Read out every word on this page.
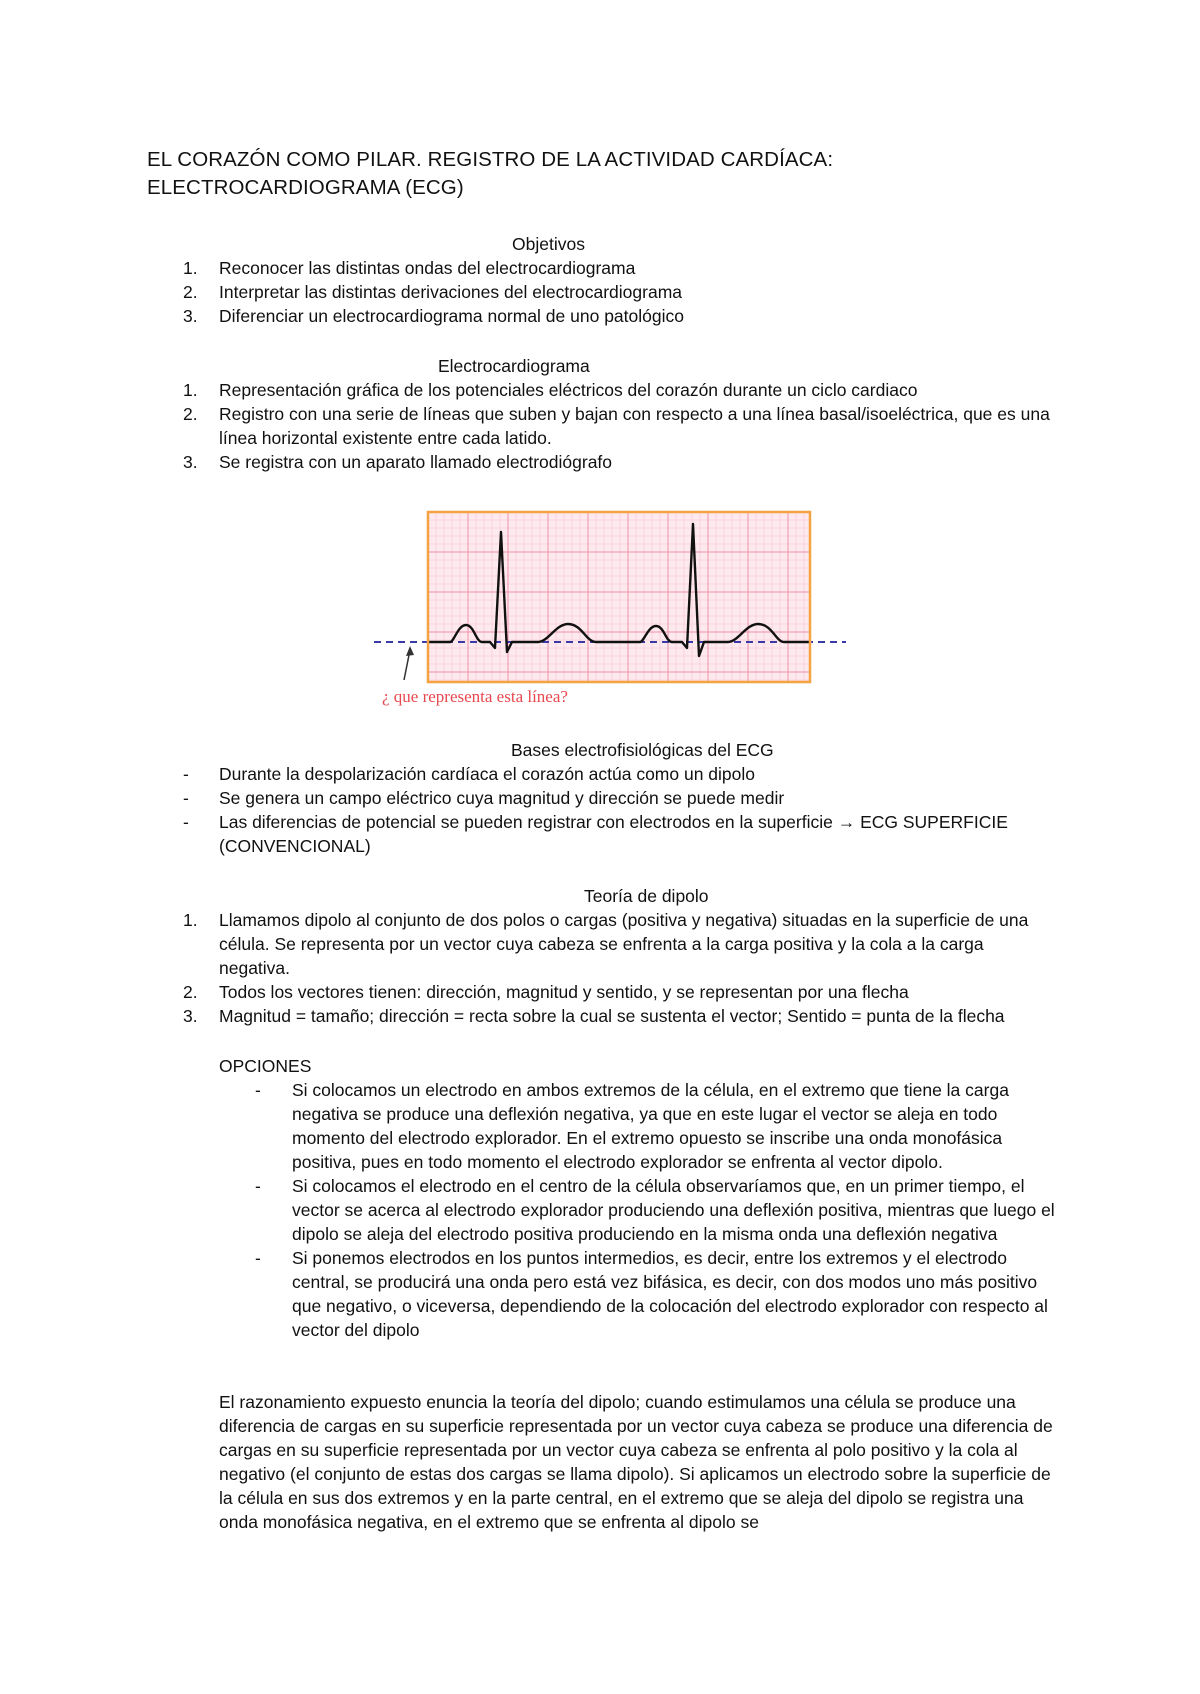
EL CORAZÓN COMO PILAR. REGISTRO DE LA ACTIVIDAD CARDÍACA:
ELECTROCARDIOGRAMA (ECG)
Objetivos
1. Reconocer las distintas ondas del electrocardiograma
2. Interpretar las distintas derivaciones del electrocardiograma
3. Diferenciar un electrocardiograma normal de uno patológico
Electrocardiograma
1. Representación gráfica de los potenciales eléctricos del corazón durante un ciclo cardiaco
2. Registro con una serie de líneas que suben y bajan con respecto a una línea basal/isoeléctrica, que es una línea horizontal existente entre cada latido.
3. Se registra con un aparato llamado electrodiógrafo
¿ que representa esta línea?
Bases electrofisiológicas del ECG
- Durante la despolarización cardíaca el corazón actúa como un dipolo
- Se genera un campo eléctrico cuya magnitud y dirección se puede medir
- Las diferencias de potencial se pueden registrar con electrodos en la superficie → ECG SUPERFICIE (CONVENCIONAL)
Teoría de dipolo
1. Llamamos dipolo al conjunto de dos polos o cargas (positiva y negativa) situadas en la superficie de una célula. Se representa por un vector cuya cabeza se enfrenta a la carga positiva y la cola a la carga negativa.
2. Todos los vectores tienen: dirección, magnitud y sentido, y se representan por una flecha
3. Magnitud = tamaño; dirección = recta sobre la cual se sustenta el vector; Sentido = punta de la flecha
OPCIONES
- Si colocamos un electrodo en ambos extremos de la célula, en el extremo que tiene la carga negativa se produce una deflexión negativa, ya que en este lugar el vector se aleja en todo momento del electrodo explorador. En el extremo opuesto se inscribe una onda monofásica positiva, pues en todo momento el electrodo explorador se enfrenta al vector dipolo.
- Si colocamos el electrodo en el centro de la célula observaríamos que, en un primer tiempo, el vector se acerca al electrodo explorador produciendo una deflexión positiva, mientras que luego el dipolo se aleja del electrodo positiva produciendo en la misma onda una deflexión negativa
- Si ponemos electrodos en los puntos intermedios, es decir, entre los extremos y el electrodo central, se producirá una onda pero está vez bifásica, es decir, con dos modos uno más positivo que negativo, o viceversa, dependiendo de la colocación del electrodo explorador con respecto al vector del dipolo
El razonamiento expuesto enuncia la teoría del dipolo; cuando estimulamos una célula se produce una diferencia de cargas en su superficie representada por un vector cuya cabeza se produce una diferencia de cargas en su superficie representada por un vector cuya cabeza se enfrenta al polo positivo y la cola al negativo (el conjunto de estas dos cargas se llama dipolo). Si aplicamos un electrodo sobre la superficie de la célula en sus dos extremos y en la parte central, en el extremo que se aleja del dipolo se registra una onda monofásica negativa, en el extremo que se enfrenta al dipolo se
